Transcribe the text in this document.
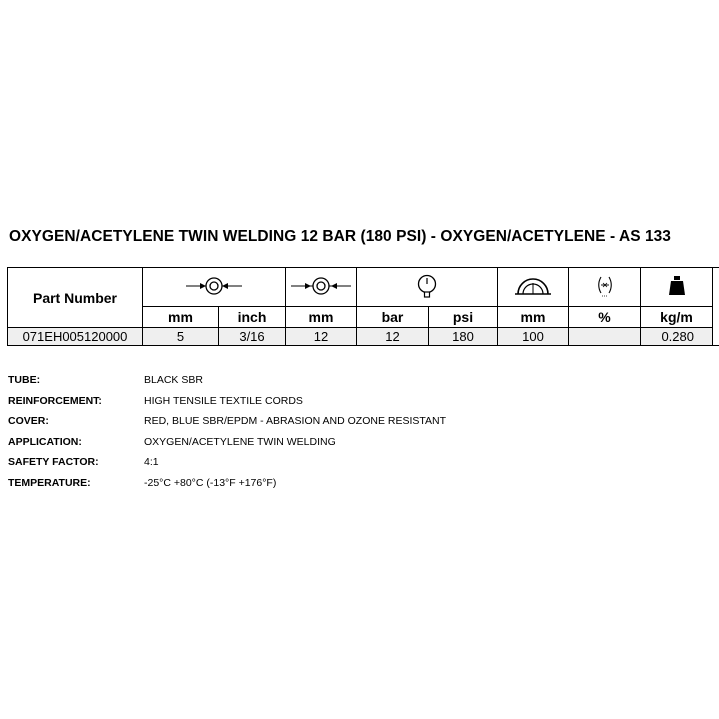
OXYGEN/ACETYLENE TWIN WELDING 12 BAR (180 PSI) - OXYGEN/ACETYLENE - AS 133
Part Number							
	mm	inch	mm	bar	psi	mm	%	kg/m	
071EH005120000	5	3/16	12	12	180	100		0.280	
TUBE:	BLACK SBR
REINFORCEMENT:	HIGH TENSILE TEXTILE CORDS
COVER:	RED, BLUE SBR/EPDM - ABRASION AND OZONE RESISTANT
APPLICATION:	OXYGEN/ACETYLENE TWIN WELDING
SAFETY FACTOR:	4:1
TEMPERATURE:	-25°C +80°C (-13°F +176°F)
